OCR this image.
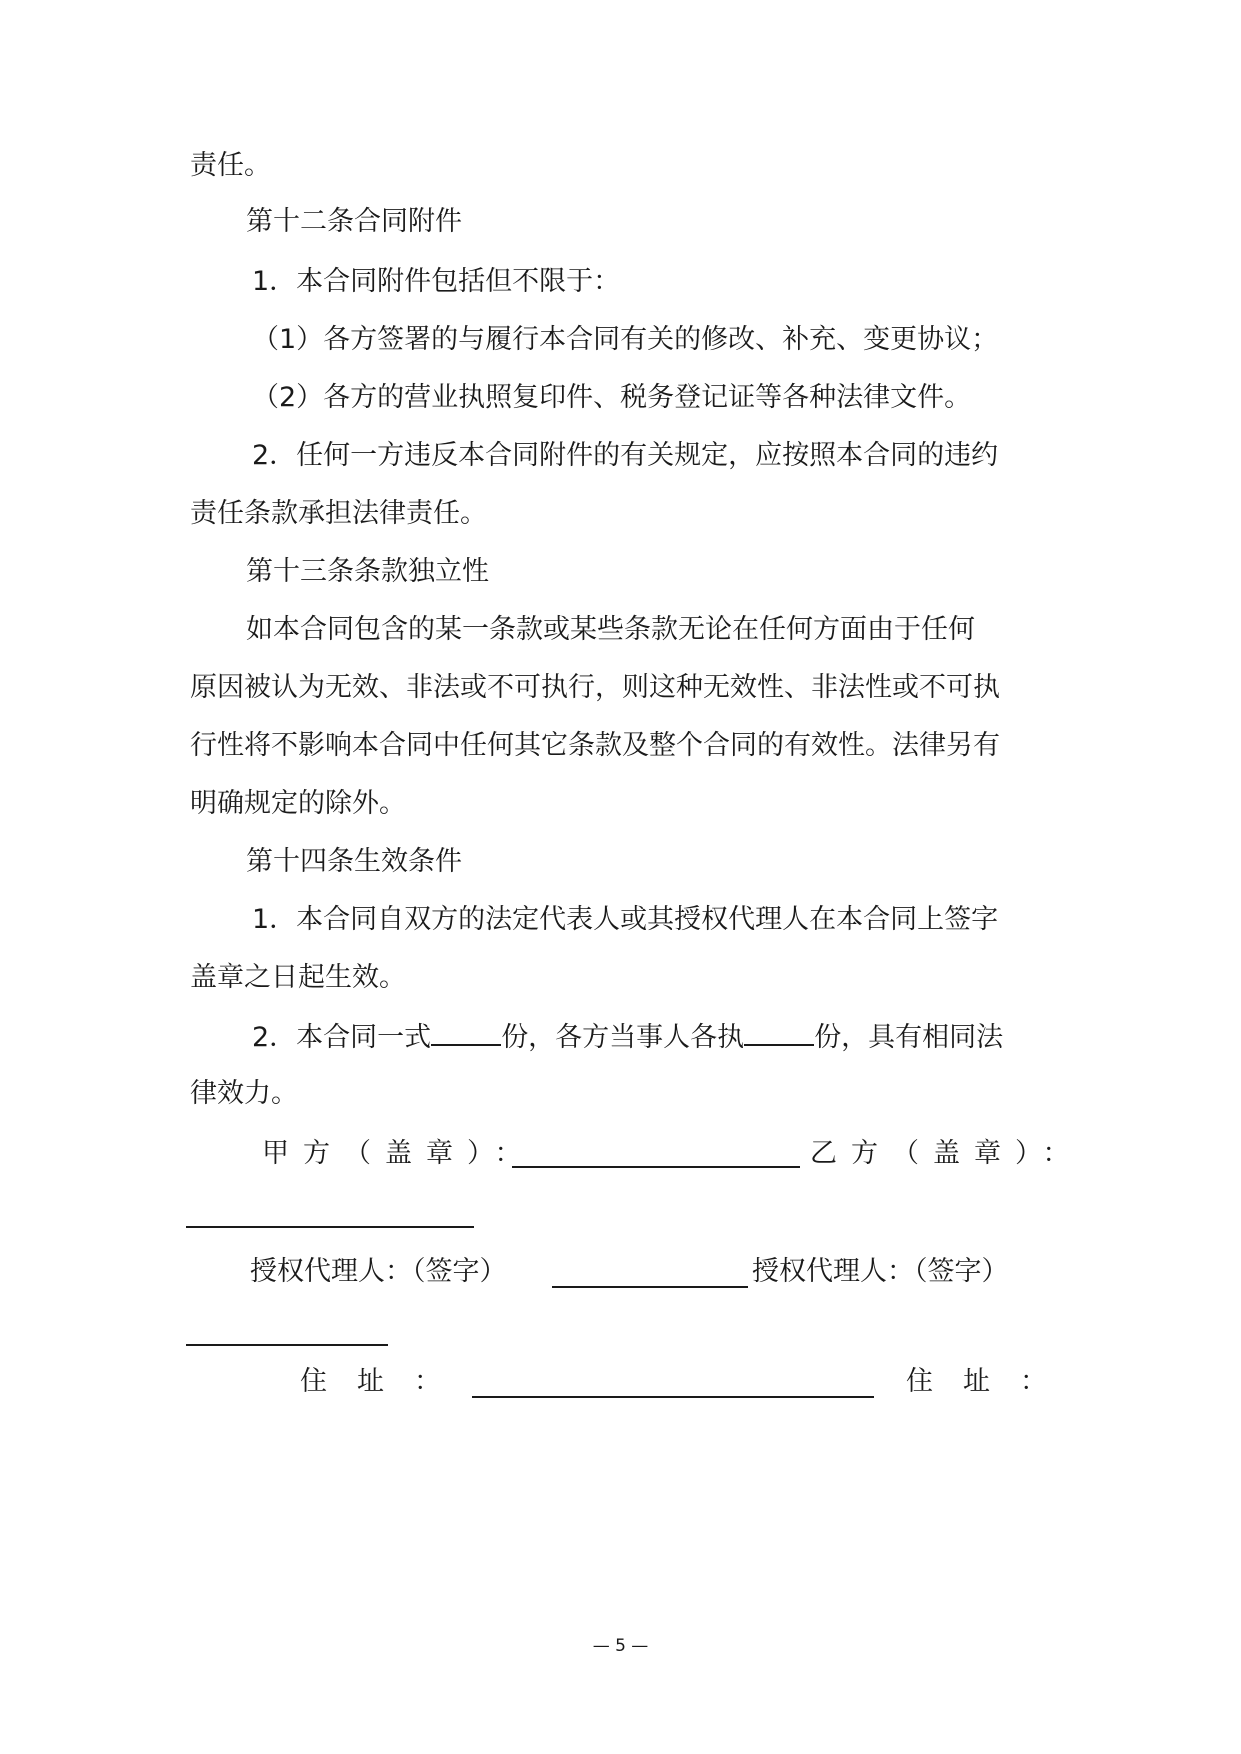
责任。
第十二条合同附件
1．本合同附件包括但不限于：
（1）各方签署的与履行本合同有关的修改、补充、变更协议；
（2）各方的营业执照复印件、税务登记证等各种法律文件。
2．任何一方违反本合同附件的有关规定，应按照本合同的违约
责任条款承担法律责任。
第十三条条款独立性
如本合同包含的某一条款或某些条款无论在任何方面由于任何
原因被认为无效、非法或不可执行，则这种无效性、非法性或不可执
行性将不影响本合同中任何其它条款及整个合同的有效性。法律另有
明确规定的除外。
第十四条生效条件
1．本合同自双方的法定代表人或其授权代理人在本合同上签字
盖章之日起生效。
2．本合同一式	份，各方当事人各执	份，具有相同法
律效力。
甲方（盖章）：	乙方（盖章）：
授权代理人：（签字）	授权代理人：（签字）
住址：	住址：
— 5 —
